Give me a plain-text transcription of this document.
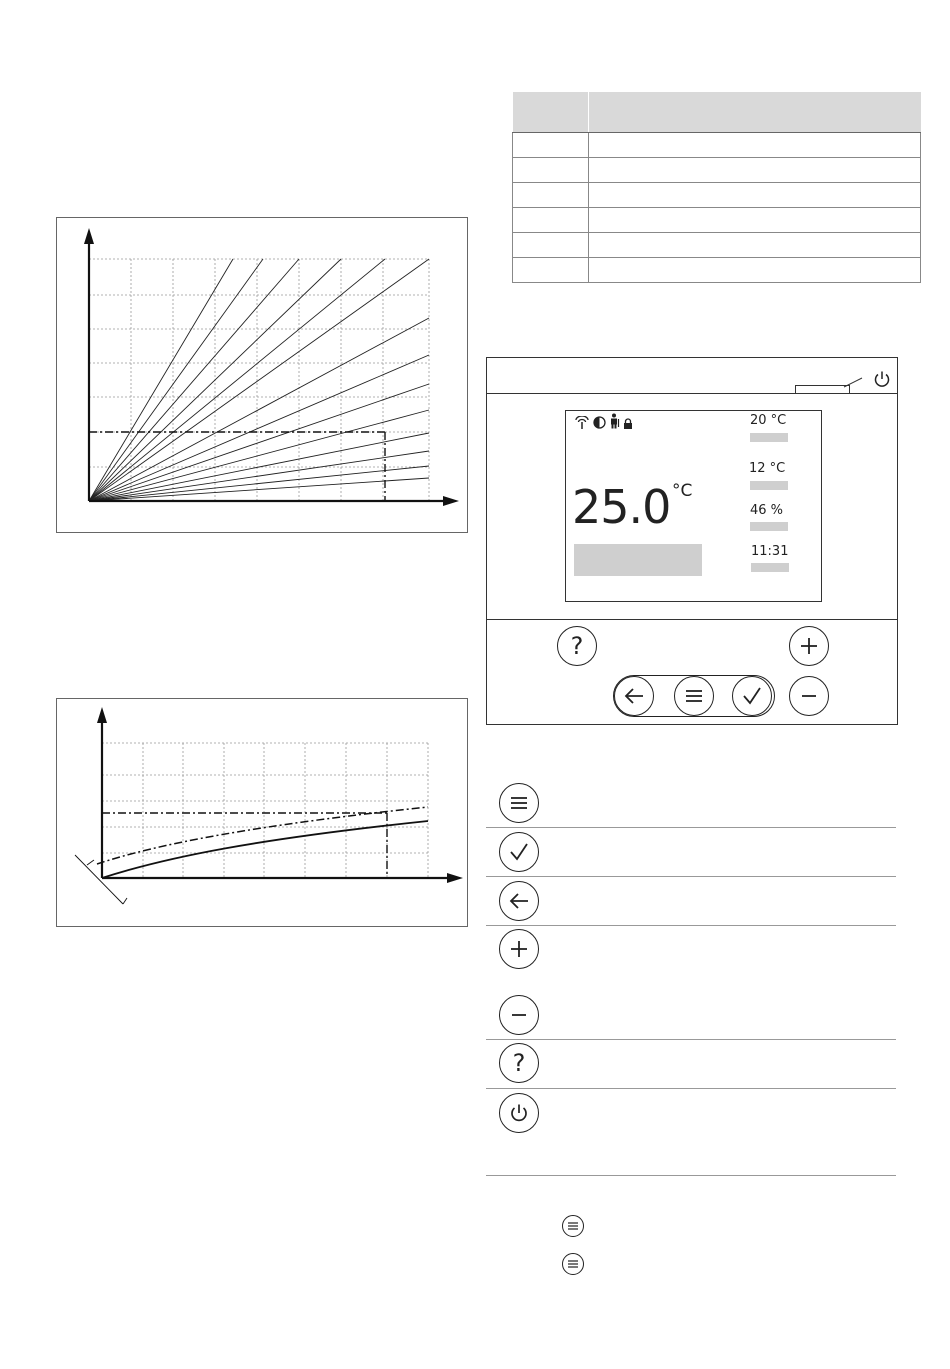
25.0 °C
20 °C
12 °C
46 %
11:31
?
?
